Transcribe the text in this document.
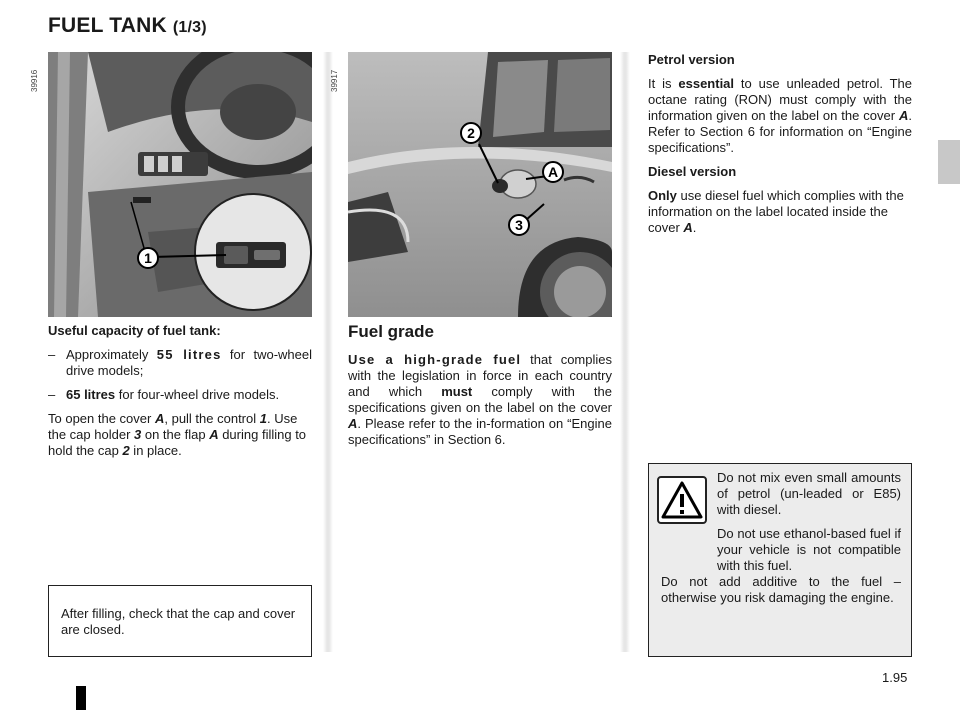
FUEL TANK (1/3)
1
39916
2
A
3
39917

Useful capacity of fuel tank:

– Approximately 55 litres for two-wheel drive models;
– 65 litres for four-wheel drive models.

To open the cover A, pull the control 1. Use the cap holder 3 on the flap A during filling to hold the cap 2 in place.

After filling, check that the cap and cover are closed.
Fuel grade

Use a high-grade fuel that complies with the legislation in force in each country and which must comply with the specifications given on the label on the cover A. Please refer to the in-formation on “Engine specifications” in Section 6.

Petrol version

It is essential to use unleaded petrol. The octane rating (RON) must comply with the information given on the label on the cover A. Refer to Section 6 for information on “Engine specifications”.

Diesel version

Only use diesel fuel which complies with the information on the label located inside the cover A.

Do not mix even small amounts of petrol (un-leaded or E85) with diesel.
Do not use ethanol-based fuel if your vehicle is not compatible with this fuel.
Do not add additive to the fuel – otherwise you risk damaging the engine.
1.95
